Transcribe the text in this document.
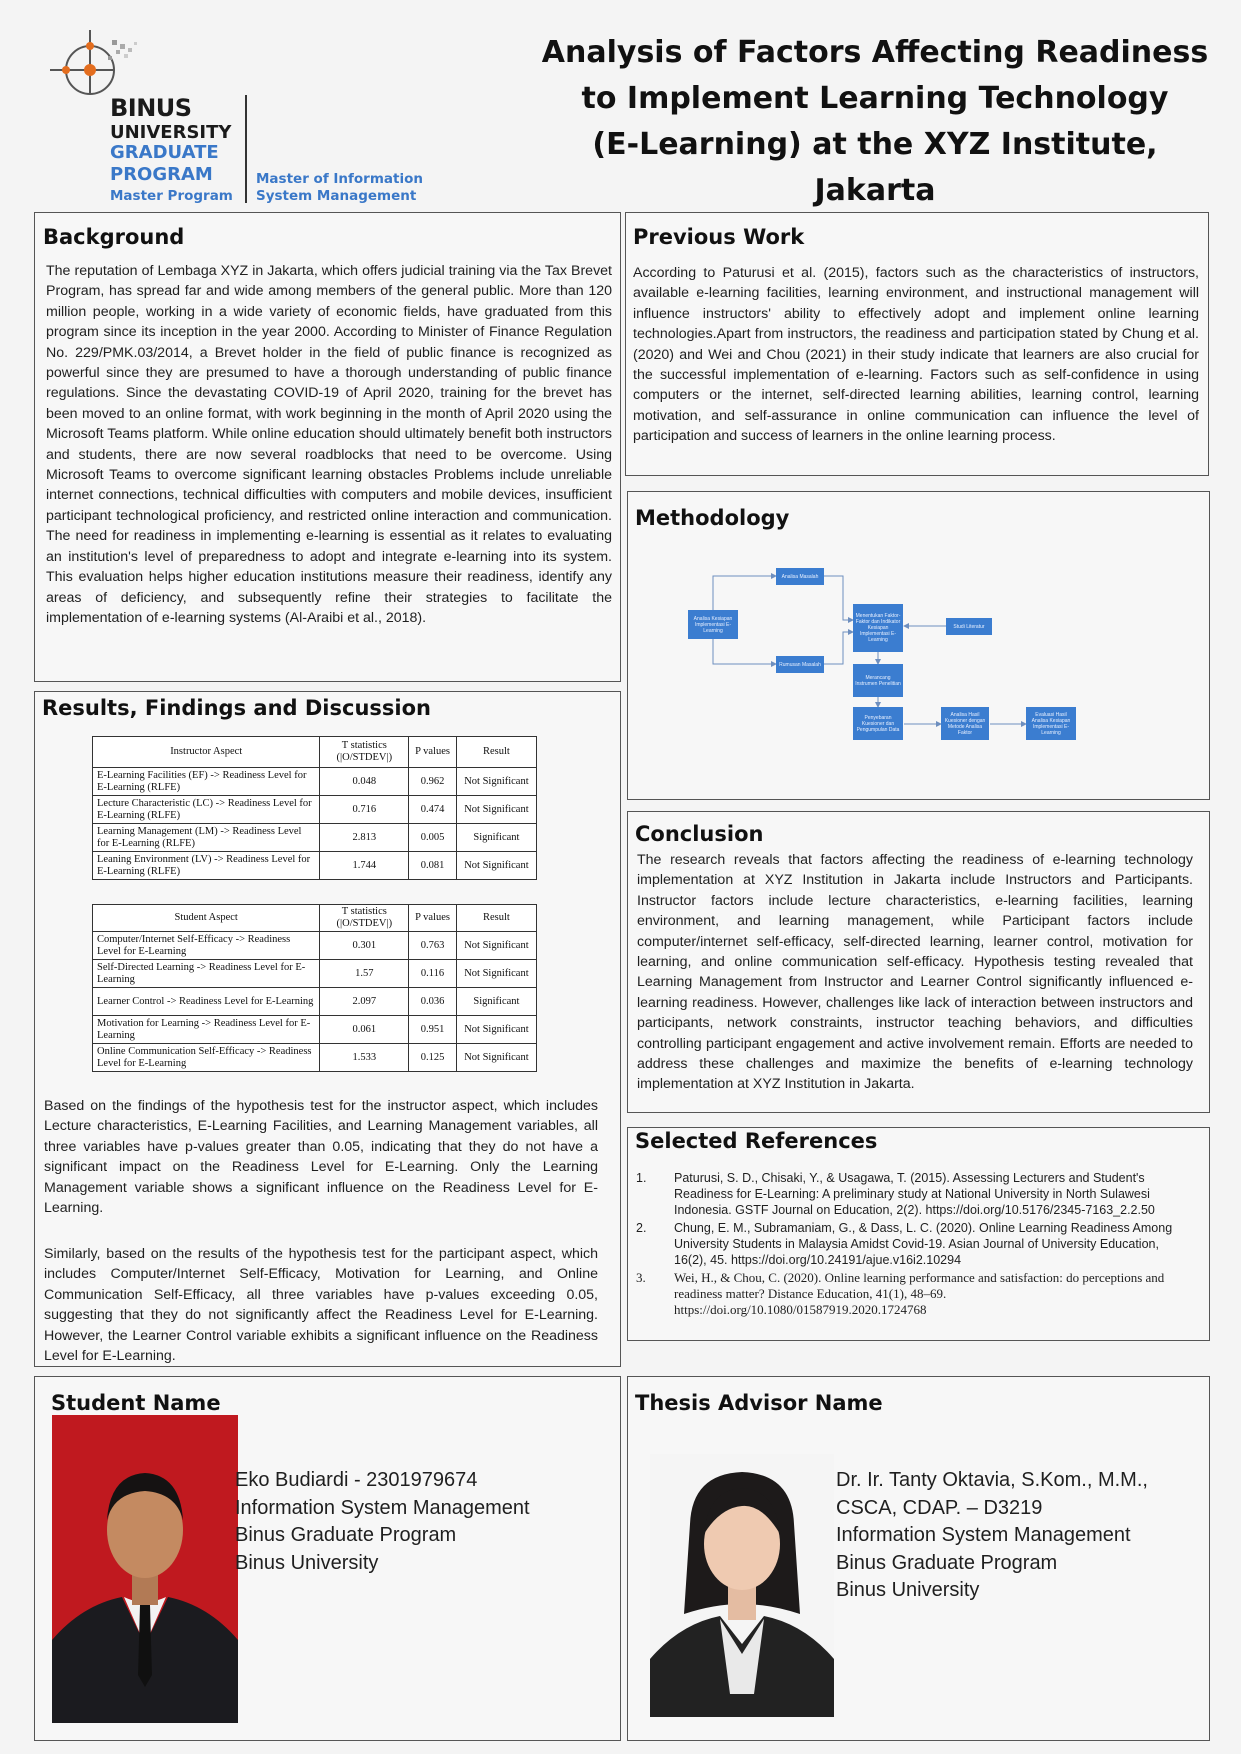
BINUS
UNIVERSITY
GRADUATE
PROGRAM
Master Program
Master of Information
System Management
Analysis of Factors Affecting Readiness
to Implement Learning Technology
(E-Learning) at the XYZ Institute, Jakarta
Background

The reputation of Lembaga XYZ in Jakarta, which offers judicial training via the Tax Brevet Program, has spread far and wide among members of the general public. More than 120 million people, working in a wide variety of economic fields, have graduated from this program since its inception in the year 2000. According to Minister of Finance Regulation No. 229/PMK.03/2014, a Brevet holder in the field of public finance is recognized as powerful since they are presumed to have a thorough understanding of public finance regulations. Since the devastating COVID-19 of April 2020, training for the brevet has been moved to an online format, with work beginning in the month of April 2020 using the Microsoft Teams platform. While online education should ultimately benefit both instructors and students, there are now several roadblocks that need to be overcome. Using Microsoft Teams to overcome significant learning obstacles Problems include unreliable internet connections, technical difficulties with computers and mobile devices, insufficient participant technological proficiency, and restricted online interaction and communication. The need for readiness in implementing e-learning is essential as it relates to evaluating an institution's level of preparedness to adopt and integrate e-learning into its system. This evaluation helps higher education institutions measure their readiness, identify any areas of deficiency, and subsequently refine their strategies to facilitate the implementation of e-learning systems (Al-Araibi et al., 2018).

Previous Work

According to Paturusi et al. (2015), factors such as the characteristics of instructors, available e-learning facilities, learning environment, and instructional management will influence instructors' ability to effectively adopt and implement online learning technologies.Apart from instructors, the readiness and participation stated by Chung et al. (2020) and Wei and Chou (2021) in their study indicate that learners are also crucial for the successful implementation of e-learning. Factors such as self-confidence in using computers or the internet, self-directed learning abilities, learning control, learning motivation, and self-assurance in online communication can influence the level of participation and success of learners in the online learning process.

Methodology
Analisa Kesiapan Implementasi E-Learning
Analisa Masalah
Rumusan Masalah
Menentukan Faktor-Faktor dan Indikator Kesiapan Implementasi E-Learning
Studi Literatur
Merancang Instrumen Penelitian
Penyebaran Kuesioner dan Pengumpulan Data
Analisa Hasil Kuesioner dengan Metode Analisa Faktor
Evaluasi Hasil Analisa Kesiapan Implementasi E-Learning
Results, Findings and Discussion
Instructor Aspect	T statistics (|O/STDEV|)	P values	Result
E-Learning Facilities (EF) -> Readiness Level for E-Learning (RLFE)	0.048	0.962	Not Significant
Lecture Characteristic (LC) -> Readiness Level for E-Learning (RLFE)	0.716	0.474	Not Significant
Learning Management (LM) -> Readiness Level for E-Learning (RLFE)	2.813	0.005	Significant
Leaning Environment (LV) -> Readiness Level for E-Learning (RLFE)	1.744	0.081	Not Significant
Student Aspect	T statistics (|O/STDEV|)	P values	Result
Computer/Internet Self-Efficacy -> Readiness Level for E-Learning	0.301	0.763	Not Significant
Self-Directed Learning -> Readiness Level for E-Learning	1.57	0.116	Not Significant
Learner Control -> Readiness Level for E-Learning	2.097	0.036	Significant
Motivation for Learning -> Readiness Level for E-Learning	0.061	0.951	Not Significant
Online Communication Self-Efficacy -> Readiness Level for E-Learning	1.533	0.125	Not Significant

Based on the findings of the hypothesis test for the instructor aspect, which includes Lecture characteristics, E-Learning Facilities, and Learning Management variables, all three variables have p-values greater than 0.05, indicating that they do not have a significant impact on the Readiness Level for E-Learning. Only the Learning Management variable shows a significant influence on the Readiness Level for E-Learning.

Similarly, based on the results of the hypothesis test for the participant aspect, which includes Computer/Internet Self-Efficacy, Motivation for Learning, and Online Communication Self-Efficacy, all three variables have p-values exceeding 0.05, suggesting that they do not significantly affect the Readiness Level for E-Learning. However, the Learner Control variable exhibits a significant influence on the Readiness Level for E-Learning.

Conclusion

The research reveals that factors affecting the readiness of e-learning technology implementation at XYZ Institution in Jakarta include Instructors and Participants. Instructor factors include lecture characteristics, e-learning facilities, learning environment, and learning management, while Participant factors include computer/internet self-efficacy, self-directed learning, learner control, motivation for learning, and online communication self-efficacy. Hypothesis testing revealed that Learning Management from Instructor and Learner Control significantly influenced e-learning readiness. However, challenges like lack of interaction between instructors and participants, network constraints, instructor teaching behaviors, and difficulties controlling participant engagement and active involvement remain. Efforts are needed to address these challenges and maximize the benefits of e-learning technology implementation at XYZ Institution in Jakarta.

Selected References
1. Paturusi, S. D., Chisaki, Y., & Usagawa, T. (2015). Assessing Lecturers and Student's Readiness for E-Learning: A preliminary study at National University in North Sulawesi Indonesia. GSTF Journal on Education, 2(2). https://doi.org/10.5176/2345-7163_2.2.50
2. Chung, E. M., Subramaniam, G., & Dass, L. C. (2020). Online Learning Readiness Among University Students in Malaysia Amidst Covid-19. Asian Journal of University Education, 16(2), 45. https://doi.org/10.24191/ajue.v16i2.10294
3. Wei, H., & Chou, C. (2020). Online learning performance and satisfaction: do perceptions and readiness matter? Distance Education, 41(1), 48–69. https://doi.org/10.1080/01587919.2020.1724768
Student Name
Eko Budiardi - 2301979674
Information System Management
Binus Graduate Program
Binus University
Thesis Advisor Name
Dr. Ir. Tanty Oktavia, S.Kom., M.M.,
CSCA, CDAP. – D3219
Information System Management
Binus Graduate Program
Binus University
